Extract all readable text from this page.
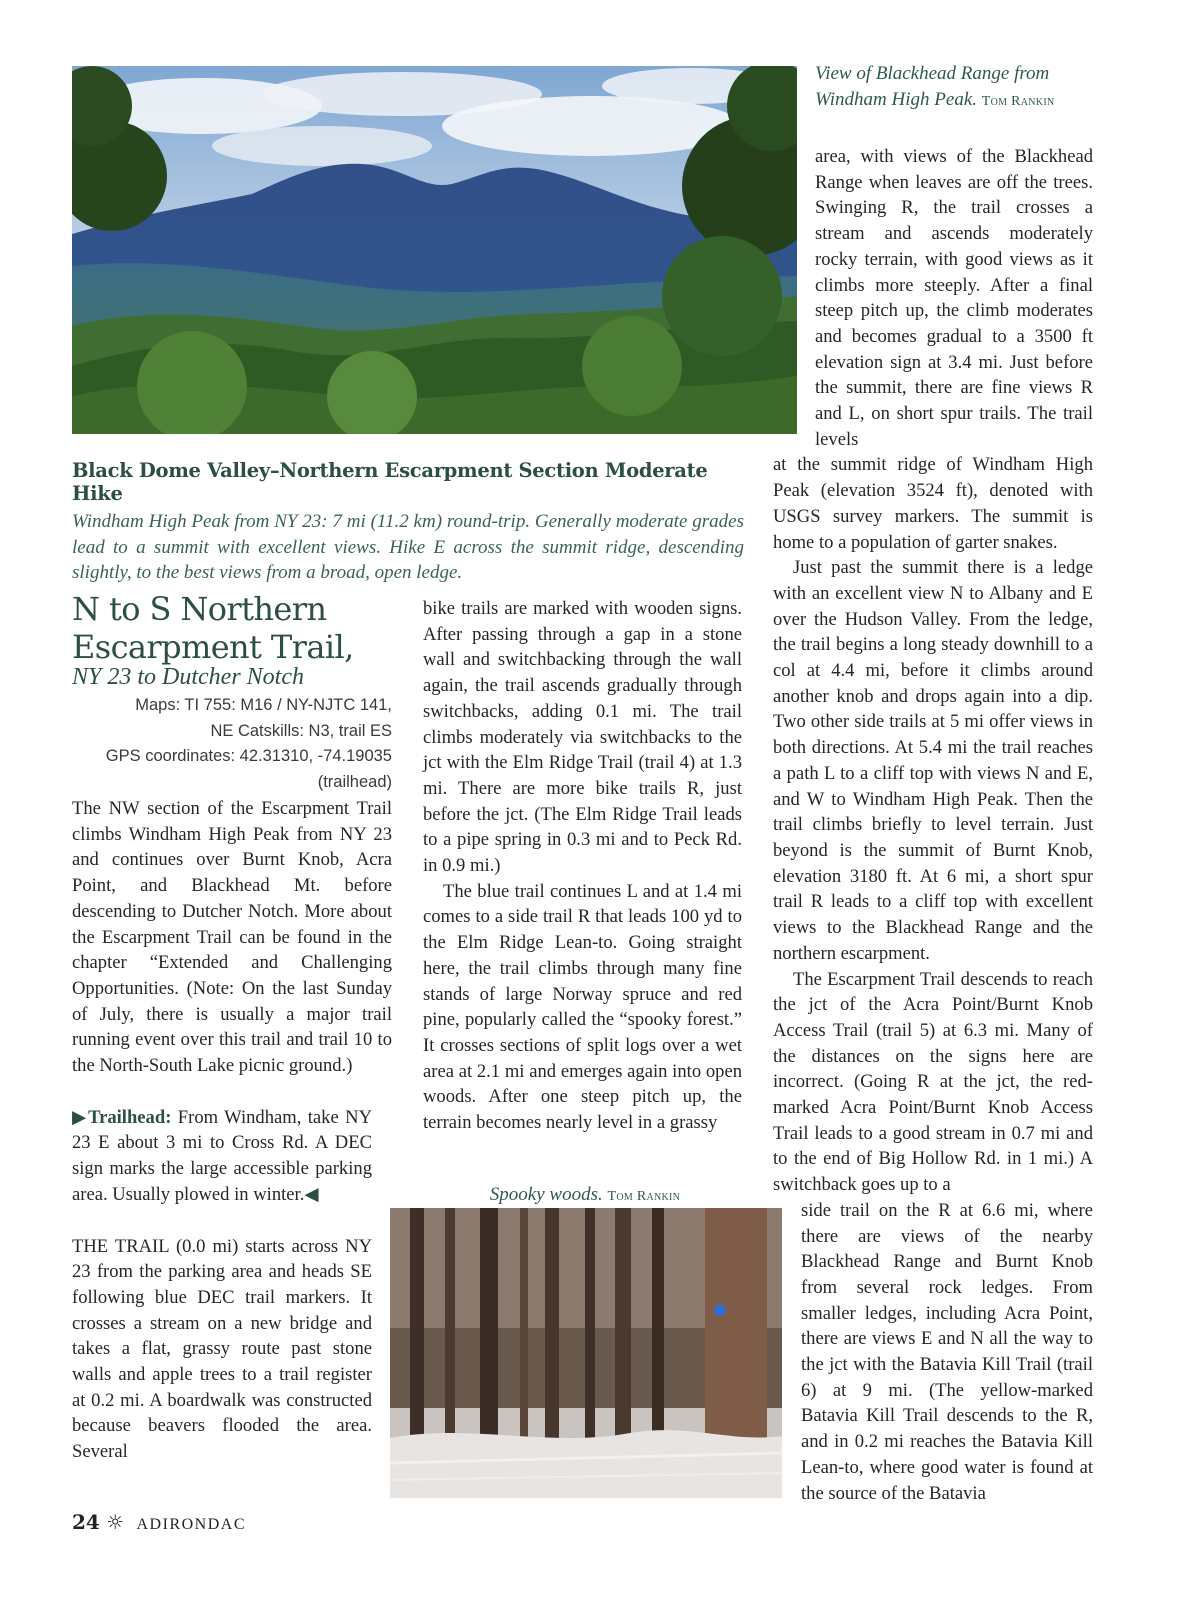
View of Blackhead Range from Windham High Peak. Tom Rankin
Black Dome Valley–Northern Escarpment Section Moderate Hike
Windham High Peak from NY 23: 7 mi (11.2 km) round-trip. Generally moderate grades lead to a summit with excellent views. Hike E across the summit ridge, descending slightly, to the best views from a broad, open ledge.
N to S Northern
Escarpment Trail,
NY 23 to Dutcher Notch
Maps: TI 755: M16 / NY-NJTC 141,
NE Catskills: N3, trail ES
GPS coordinates: 42.31310, -74.19035
(trailhead)

The NW section of the Escarpment Trail climbs Windham High Peak from NY 23 and continues over Burnt Knob, Acra Point, and Blackhead Mt. before descending to Dutcher Notch. More about the Escarpment Trail can be found in the chapter “Extended and Challenging Opportunities. (Note: On the last Sunday of July, there is usually a major trail running event over this trail and trail 10 to the North-South Lake picnic ground.)

▶Trailhead: From Windham, take NY 23 E about 3 mi to Cross Rd. A DEC sign marks the large accessible parking area. Usually plowed in winter.◀

THE TRAIL (0.0 mi) starts across NY 23 from the parking area and heads SE following blue DEC trail markers. It crosses a stream on a new bridge and takes a flat, grassy route past stone walls and apple trees to a trail register at 0.2 mi. A boardwalk was constructed because beavers flooded the area. Several

bike trails are marked with wooden signs. After passing through a gap in a stone wall and switchbacking through the wall again, the trail ascends gradually through switchbacks, adding 0.1 mi. The trail climbs moderately via switchbacks to the jct with the Elm Ridge Trail (trail 4) at 1.3 mi. There are more bike trails R, just before the jct. (The Elm Ridge Trail leads to a pipe spring in 0.3 mi and to Peck Rd. in 0.9 mi.)

The blue trail continues L and at 1.4 mi comes to a side trail R that leads 100 yd to the Elm Ridge Lean-to. Going straight here, the trail climbs through many fine stands of large Norway spruce and red pine, popularly called the “spooky forest.” It crosses sections of split logs over a wet area at 2.1 mi and emerges again into open woods. After one steep pitch up, the terrain becomes nearly level in a grassy

Spooky woods. Tom Rankin

area, with views of the Blackhead Range when leaves are off the trees. Swinging R, the trail crosses a stream and ascends moderately rocky terrain, with good views as it climbs more steeply. After a final steep pitch up, the climb moderates and becomes gradual to a 3500 ft elevation sign at 3.4 mi. Just before the summit, there are fine views R and L, on short spur trails. The trail levels

at the summit ridge of Windham High Peak (elevation 3524 ft), denoted with USGS survey markers. The summit is home to a population of garter snakes.

Just past the summit there is a ledge with an excellent view N to Albany and E over the Hudson Valley. From the ledge, the trail begins a long steady downhill to a col at 4.4 mi, before it climbs around another knob and drops again into a dip. Two other side trails at 5 mi offer views in both directions. At 5.4 mi the trail reaches a path L to a cliff top with views N and E, and W to Windham High Peak. Then the trail climbs briefly to level terrain. Just beyond is the summit of Burnt Knob, elevation 3180 ft. At 6 mi, a short spur trail R leads to a cliff top with excellent views to the Blackhead Range and the northern escarpment.

The Escarpment Trail descends to reach the jct of the Acra Point/Burnt Knob Access Trail (trail 5) at 6.3 mi. Many of the distances on the signs here are incorrect. (Going R at the jct, the red-marked Acra Point/Burnt Knob Access Trail leads to a good stream in 0.7 mi and to the end of Big Hollow Rd. in 1 mi.) A switchback goes up to a

side trail on the R at 6.6 mi, where there are views of the nearby Blackhead Range and Burnt Knob from several rock ledges. From smaller ledges, including Acra Point, there are views E and N all the way to the jct with the Batavia Kill Trail (trail 6) at 9 mi. (The yellow-marked Batavia Kill Trail descends to the R, and in 0.2 mi reaches the Batavia Kill Lean-to, where good water is found at the source of the Batavia

24 ☼ ADIRONDAC
